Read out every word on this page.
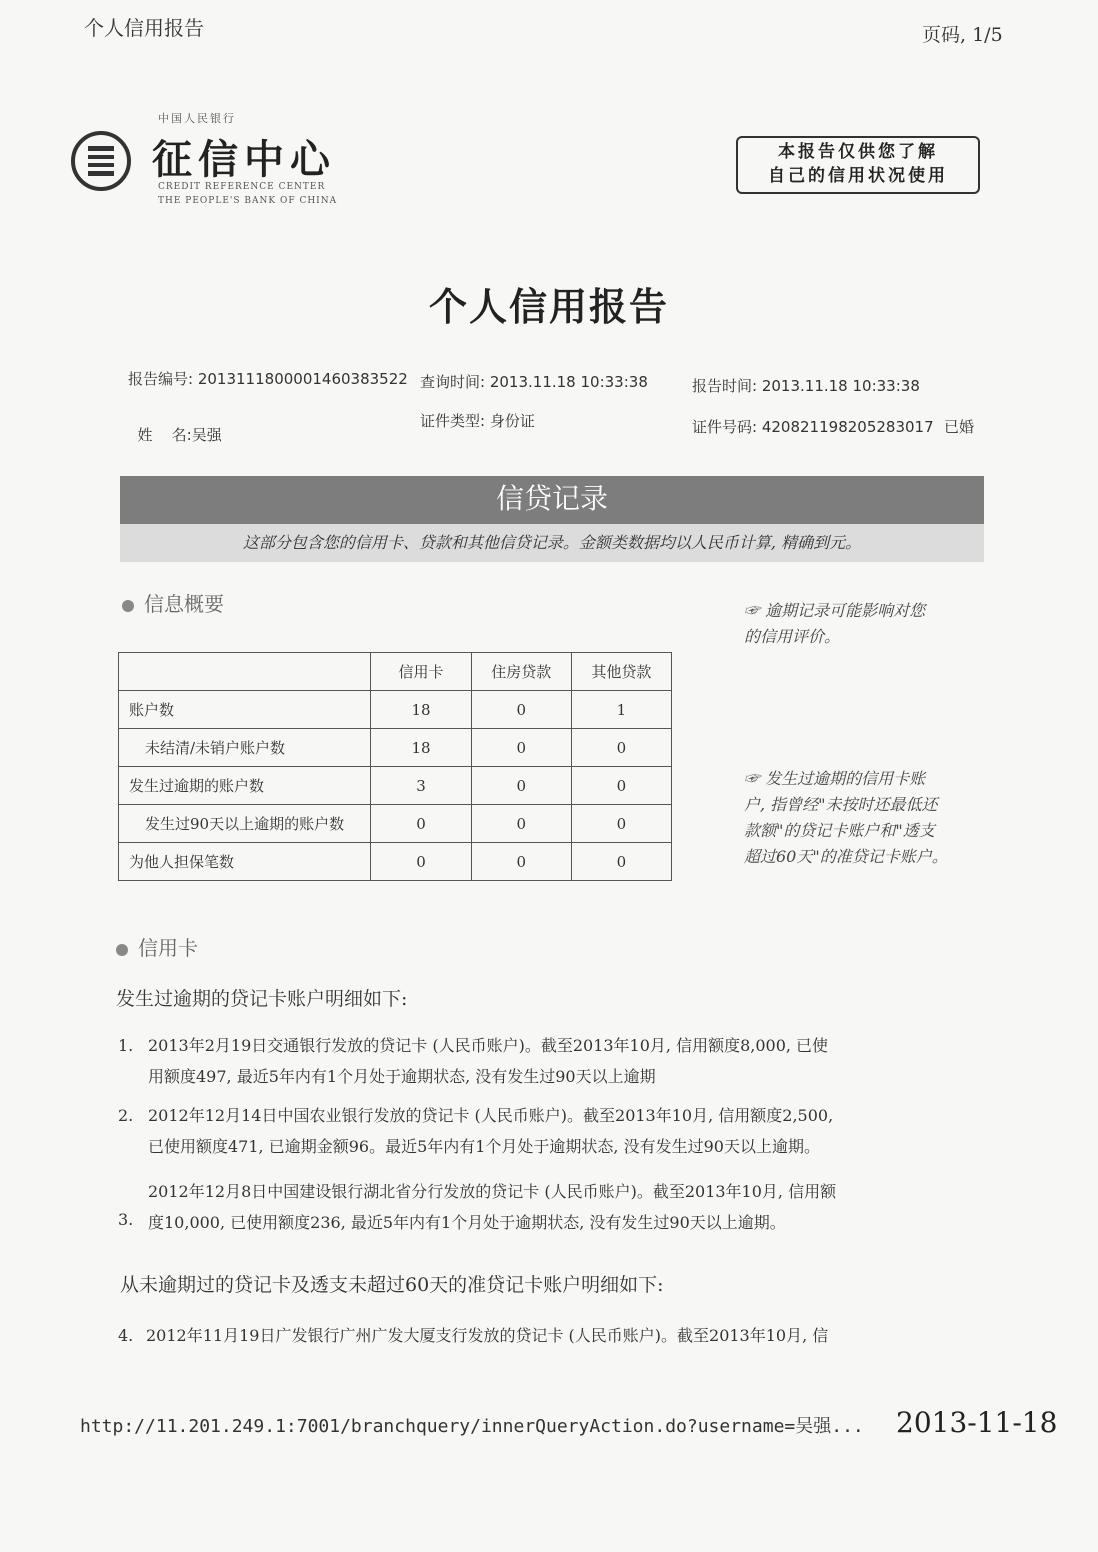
个人信用报告	页码, 1/5
中国人民银行
征信中心
CREDIT REFERENCE CENTER
THE PEOPLE'S BANK OF CHINA
本报告仅供您了解
自己的信用状况使用
个人信用报告
报告编号: 2013111800001460383522 查询时间: 2013.11.18 10:33:38	报告时间: 2013.11.18 10:33:38

姓    名:吴强

证件类型: 身份证	证件号码: 420821198205283017 已婚
信贷记录
这部分包含您的信用卡、贷款和其他信贷记录。金额类数据均以人民币计算, 精确到元。
信息概要	☞ 逾期记录可能影响对您
的信用评价。
	信用卡	住房贷款	其他贷款
账户数	18	0	1
未结清/未销户账户数	18	0	0
发生过逾期的账户数	3	0	0
发生过90天以上逾期的账户数	0	0	0
为他人担保笔数	0	0	0
☞ 发生过逾期的信用卡账
户, 指曾经"未按时还最低还
款额"的贷记卡账户和"透支
超过60天"的准贷记卡账户。
信用卡
发生过逾期的贷记卡账户明细如下:
1. 2013年2月19日交通银行发放的贷记卡 (人民币账户)。截至2013年10月, 信用额度8,000, 已使
用额度497, 最近5年内有1个月处于逾期状态, 没有发生过90天以上逾期
2. 2012年12月14日中国农业银行发放的贷记卡 (人民币账户)。截至2013年10月, 信用额度2,500,
已使用额度471, 已逾期金额96。最近5年内有1个月处于逾期状态, 没有发生过90天以上逾期。
3.
2012年12月8日中国建设银行湖北省分行发放的贷记卡 (人民币账户)。截至2013年10月, 信用额
度10,000, 已使用额度236, 最近5年内有1个月处于逾期状态, 没有发生过90天以上逾期。
从未逾期过的贷记卡及透支未超过60天的准贷记卡账户明细如下:
4. 2012年11月19日广发银行广州广发大厦支行发放的贷记卡 (人民币账户)。截至2013年10月, 信
http://11.201.249.1:7001/branchquery/innerQueryAction.do?username=吴强... 2013-11-18
